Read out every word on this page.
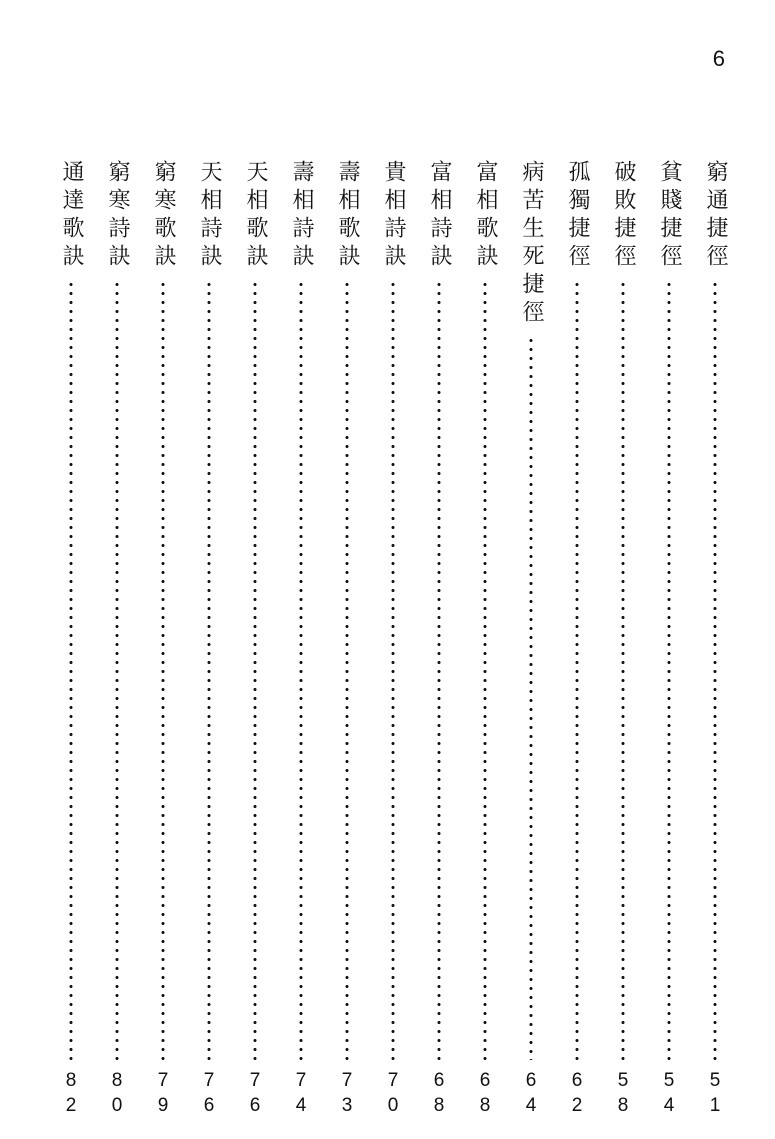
6
窮通捷徑
51
貧賤捷徑
54
破敗捷徑
58
孤獨捷徑
62
病苦生死捷徑
64
富相歌訣
68
富相詩訣
68
貴相詩訣
70
壽相歌訣
73
壽相詩訣
74
天相歌訣
76
天相詩訣
76
窮寒歌訣
79
窮寒詩訣
80
通達歌訣
82
